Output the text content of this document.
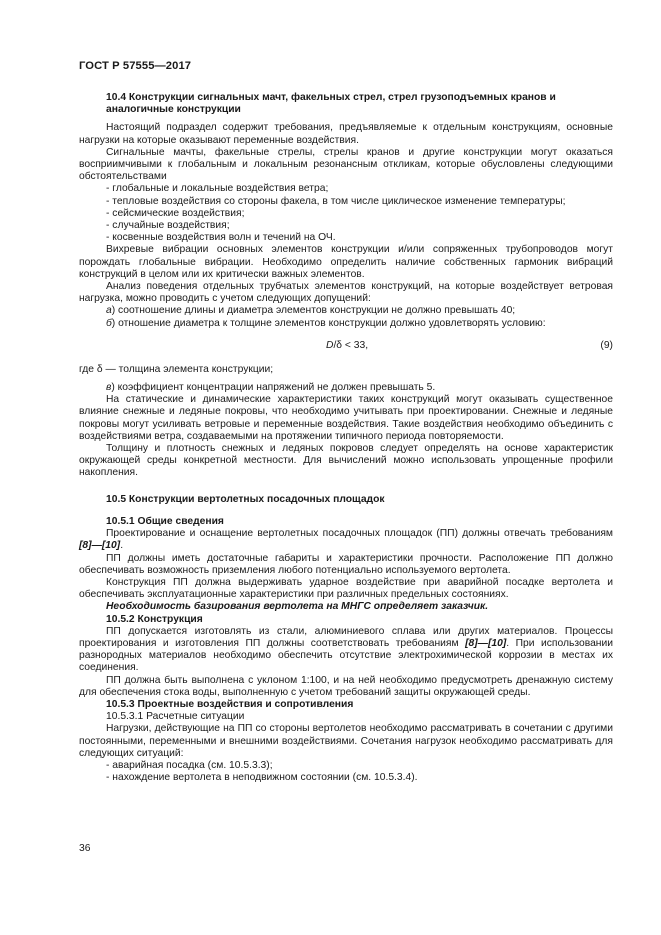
ГОСТ Р 57555—2017
10.4 Конструкции сигнальных мачт, факельных стрел, стрел грузоподъемных кранов и аналогичные конструкции

Настоящий подраздел содержит требования, предъявляемые к отдельным конструкциям, основные нагрузки на которые оказывают переменные воздействия.

Сигнальные мачты, факельные стрелы, стрелы кранов и другие конструкции могут оказаться восприимчивыми к глобальным и локальным резонансным откликам, которые обусловлены следующими обстоятельствами

- глобальные и локальные воздействия ветра;
- тепловые воздействия со стороны факела, в том числе циклическое изменение температуры;
- сейсмические воздействия;
- случайные воздействия;
- косвенные воздействия волн и течений на ОЧ.

Вихревые вибрации основных элементов конструкции и/или сопряженных трубопроводов могут порождать глобальные вибрации. Необходимо определить наличие собственных гармоник вибраций конструкций в целом или их критически важных элементов.

Анализ поведения отдельных трубчатых элементов конструкций, на которые воздействует ветровая нагрузка, можно проводить с учетом следующих допущений:

а) соотношение длины и диаметра элементов конструкции не должно превышать 40;

б) отношение диаметра к толщине элементов конструкции должно удовлетворять условию:

D/δ < 33,	(9)

где δ — толщина элемента конструкции;

в) коэффициент концентрации напряжений не должен превышать 5.

На статические и динамические характеристики таких конструкций могут оказывать существенное влияние снежные и ледяные покровы, что необходимо учитывать при проектировании. Снежные и ледяные покровы могут усиливать ветровые и переменные воздействия. Такие воздействия необходимо объединить с воздействиями ветра, создаваемыми на протяжении типичного периода повторяемости.

Толщину и плотность снежных и ледяных покровов следует определять на основе характеристик окружающей среды конкретной местности. Для вычислений можно использовать упрощенные профили накопления.

10.5 Конструкции вертолетных посадочных площадок
10.5.1 Общие сведения

Проектирование и оснащение вертолетных посадочных площадок (ПП) должны отвечать требованиям [8]—[10].

ПП должны иметь достаточные габариты и характеристики прочности. Расположение ПП должно обеспечивать возможность приземления любого потенциально используемого вертолета.

Конструкция ПП должна выдерживать ударное воздействие при аварийной посадке вертолета и обеспечивать эксплуатационные характеристики при различных предельных состояниях.

Необходимость базирования вертолета на МНГС определяет заказчик.

10.5.2 Конструкция

ПП допускается изготовлять из стали, алюминиевого сплава или других материалов. Процессы проектирования и изготовления ПП должны соответствовать требованиям [8]—[10]. При использовании разнородных материалов необходимо обеспечить отсутствие электрохимической коррозии в местах их соединения.

ПП должна быть выполнена с уклоном 1:100, и на ней необходимо предусмотреть дренажную систему для обеспечения стока воды, выполненную с учетом требований защиты окружающей среды.

10.5.3 Проектные воздействия и сопротивления

10.5.3.1 Расчетные ситуации

Нагрузки, действующие на ПП со стороны вертолетов необходимо рассматривать в сочетании с другими постоянными, переменными и внешними воздействиями. Сочетания нагрузок необходимо рассматривать для следующих ситуаций:

- аварийная посадка (см. 10.5.3.3);
- нахождение вертолета в неподвижном состоянии (см. 10.5.3.4).
36
